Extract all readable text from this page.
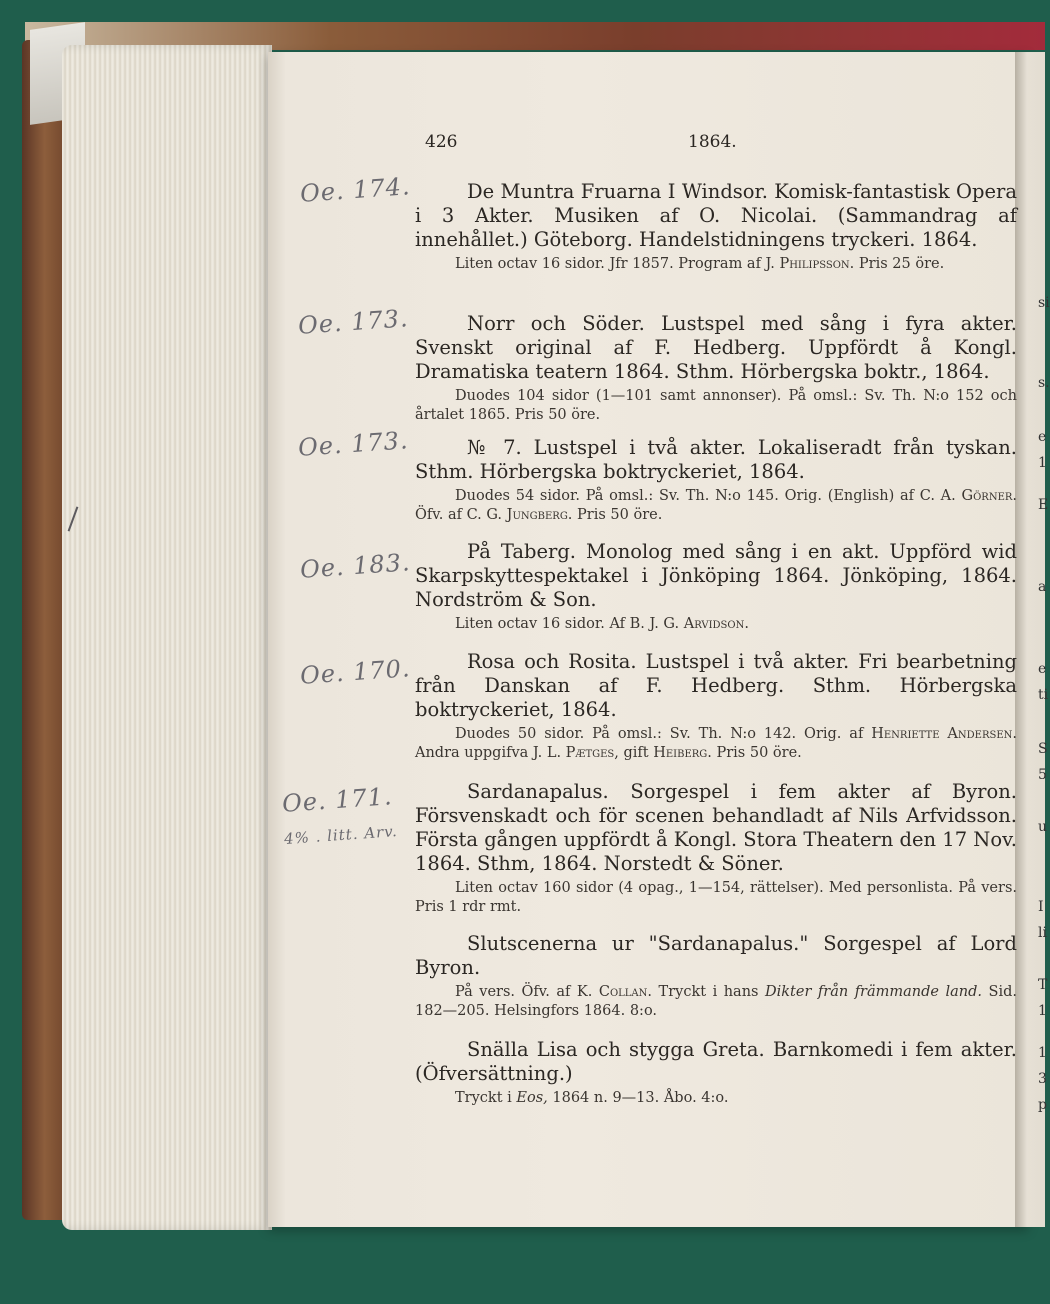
si
s.
e
1
E
a
e
ti
S
5
u
I
li
T
1
1
3
p
426	1864.
Oe. 174.
Oe. 173.
Oe. 173.
Oe. 183.
Oe. 170.
Oe. 171.
4% . litt. Arv.

De Muntra Fruarna I Windsor. Komisk-fantastisk Opera i 3 Akter. Musiken af O. Nicolai. (Sammandrag af innehållet.) Göteborg. Handelstidningens tryckeri. 1864.

Liten octav 16 sidor. Jfr 1857. Program af J. Philipsson. Pris 25 öre.

Norr och Söder. Lustspel med sång i fyra akter. Svenskt original af F. Hedberg. Uppfördt å Kongl. Dramatiska teatern 1864. Sthm. Hörbergska boktr., 1864.

Duodes 104 sidor (1—101 samt annonser). På omsl.: Sv. Th. N:o 152 och årtalet 1865. Pris 50 öre.

№ 7. Lustspel i två akter. Lokaliseradt från tyskan. Sthm. Hörbergska boktryckeriet, 1864.

Duodes 54 sidor. På omsl.: Sv. Th. N:o 145. Orig. (English) af C. A. Görner. Öfv. af C. G. Jungberg. Pris 50 öre.

På Taberg. Monolog med sång i en akt. Uppförd wid Skarpskyttespektakel i Jönköping 1864. Jönköping, 1864. Nordström & Son.

Liten octav 16 sidor. Af B. J. G. Arvidson.

Rosa och Rosita. Lustspel i två akter. Fri bearbetning från Danskan af F. Hedberg. Sthm. Hörbergska boktryckeriet, 1864.

Duodes 50 sidor. På omsl.: Sv. Th. N:o 142. Orig. af Henriette Andersen. Andra uppgifva J. L. Pætges, gift Heiberg. Pris 50 öre.

Sardanapalus. Sorgespel i fem akter af Byron. Försvenskadt och för scenen behandladt af Nils Arfvidsson. Första gången uppfördt å Kongl. Stora Theatern den 17 Nov. 1864. Sthm, 1864. Norstedt & Söner.

Liten octav 160 sidor (4 opag., 1—154, rättelser). Med personlista. På vers. Pris 1 rdr rmt.

Slutscenerna ur "Sardanapalus." Sorgespel af Lord Byron.

På vers. Öfv. af K. Collan. Tryckt i hans Dikter från främmande land. Sid. 182—205. Helsingfors 1864. 8:o.

Snälla Lisa och stygga Greta. Barnkomedi i fem akter. (Öfversättning.)

Tryckt i Eos, 1864 n. 9—13. Åbo. 4:o.
